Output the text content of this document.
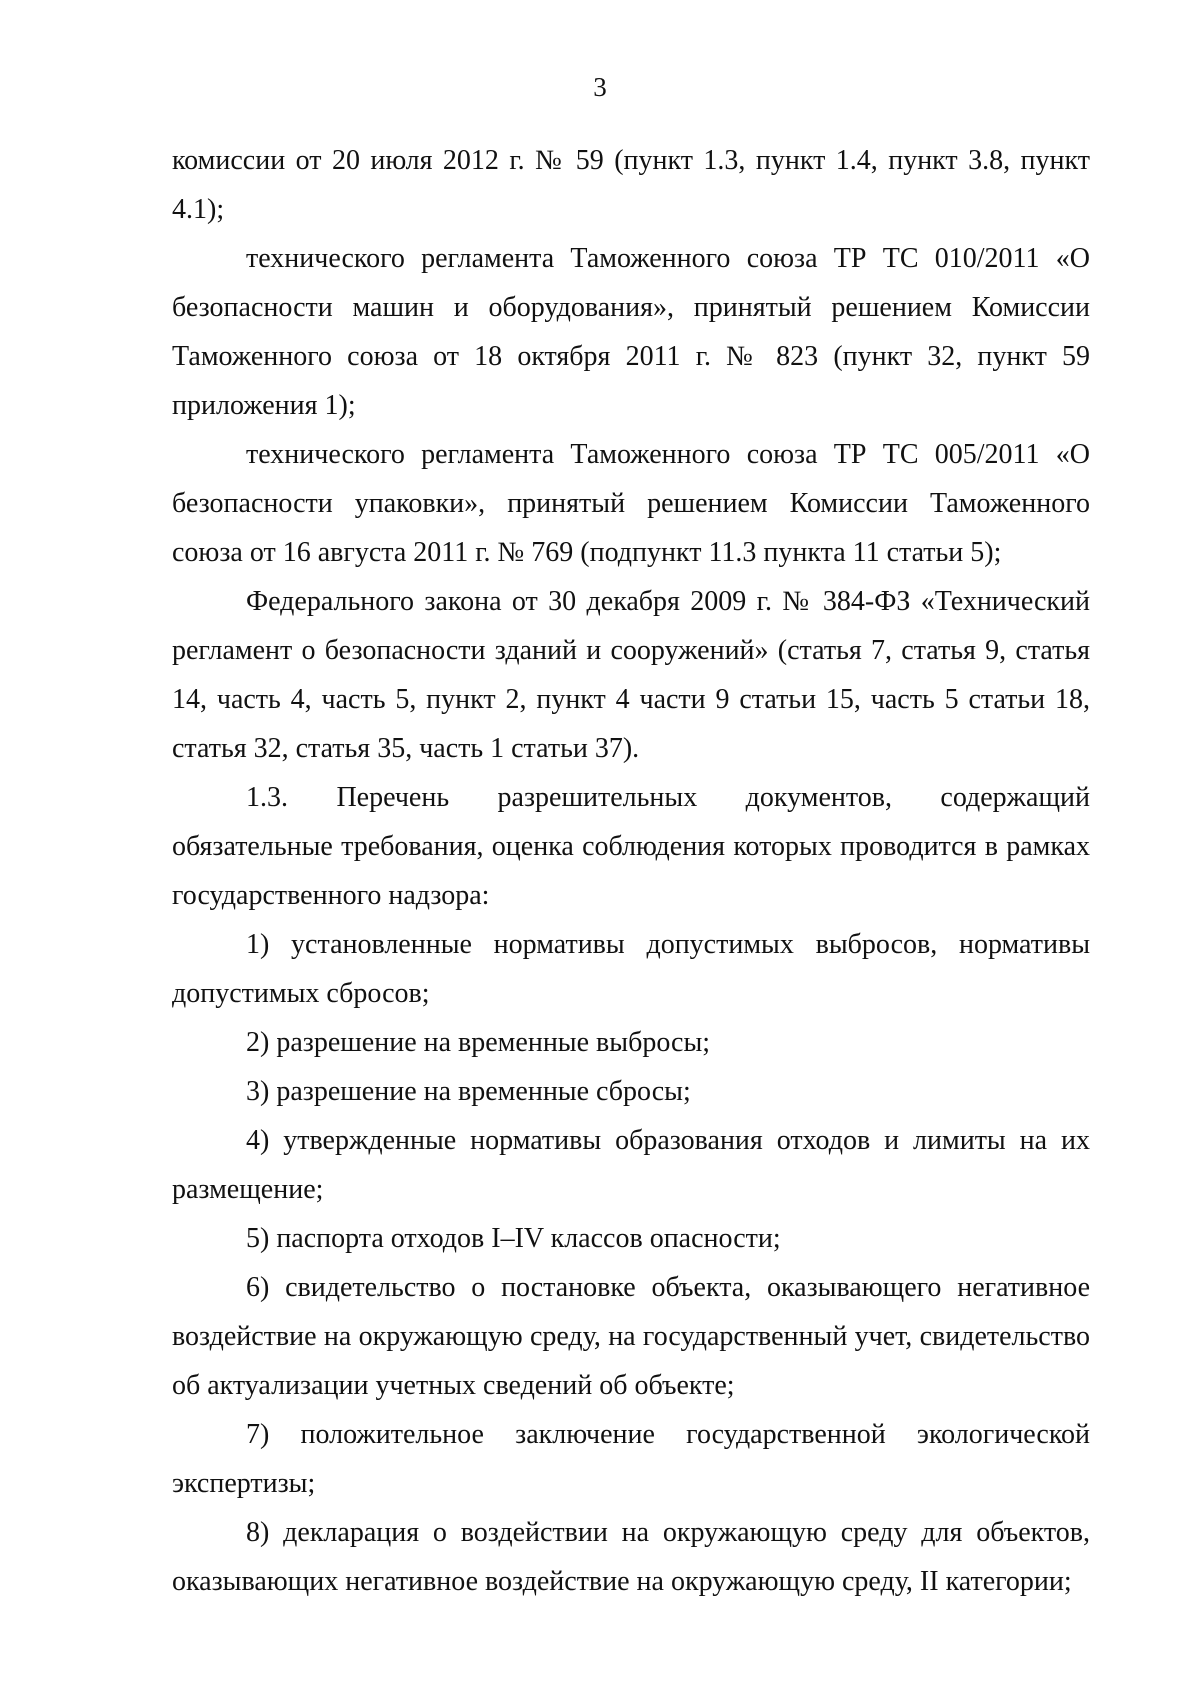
3

комиссии от 20 июля 2012 г. № 59 (пункт 1.3, пункт 1.4, пункт 3.8, пункт 4.1);

технического регламента Таможенного союза ТР ТС 010/2011 «О безопасности машин и оборудования», принятый решением Комиссии Таможенного союза от 18 октября 2011 г. № 823 (пункт 32, пункт 59 приложения 1);

технического регламента Таможенного союза ТР ТС 005/2011 «О безопасности упаковки», принятый решением Комиссии Таможенного союза от 16 августа 2011 г. № 769 (подпункт 11.3 пункта 11 статьи 5);

Федерального закона от 30 декабря 2009 г. № 384-ФЗ «Технический регламент о безопасности зданий и сооружений» (статья 7, статья 9, статья 14, часть 4, часть 5, пункт 2, пункт 4 части 9 статьи 15, часть 5 статьи 18, статья 32, статья 35, часть 1 статьи 37).

1.3. Перечень разрешительных документов, содержащий обязательные требования, оценка соблюдения которых проводится в рамках государственного надзора:

1) установленные нормативы допустимых выбросов, нормативы допустимых сбросов;

2) разрешение на временные выбросы;

3) разрешение на временные сбросы;

4) утвержденные нормативы образования отходов и лимиты на их размещение;

5) паспорта отходов I–IV классов опасности;

6) свидетельство о постановке объекта, оказывающего негативное воздействие на окружающую среду, на государственный учет, свидетельство об актуализации учетных сведений об объекте;

7) положительное заключение государственной экологической экспертизы;

8) декларация о воздействии на окружающую среду для объектов, оказывающих негативное воздействие на окружающую среду, II категории;
